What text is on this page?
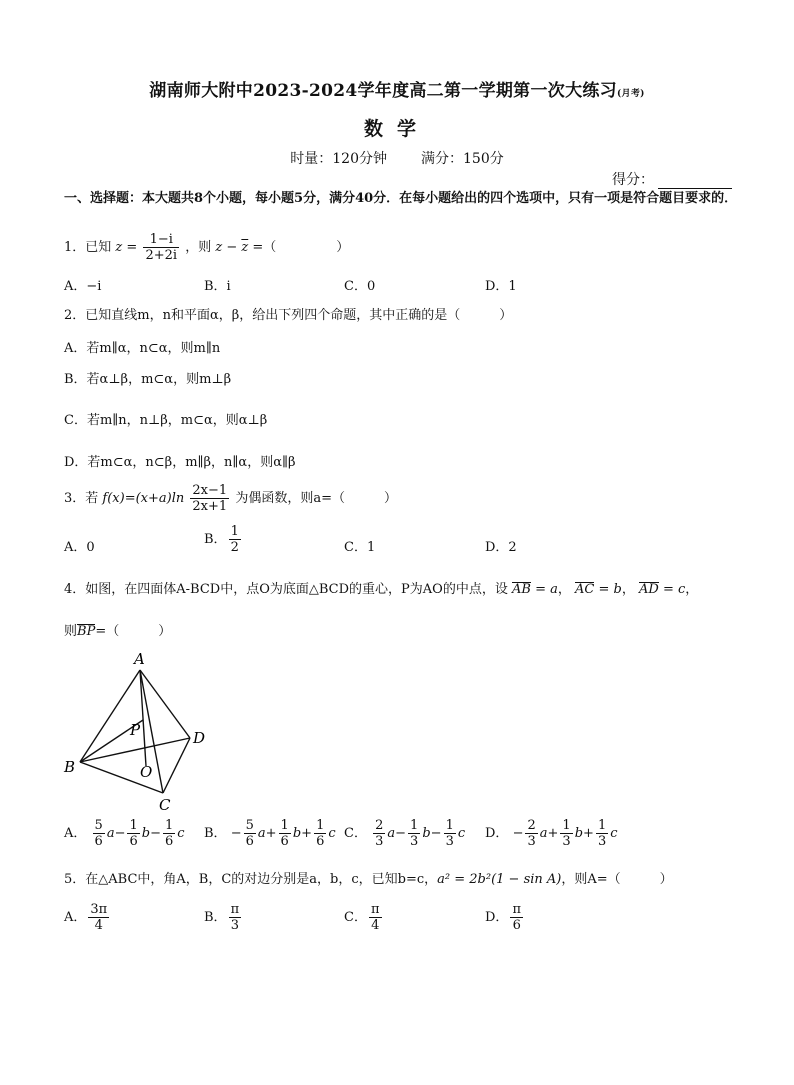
湖南师大附中2023-2024学年度高二第一学期第一次大练习(月考)
数学
时量：120分钟 满分：150分
得分：
一、选择题：本大题共8个小题，每小题5分，满分40分．在每小题给出的四个选项中，只有一项是符合题目要求的．
1．已知 $z = \frac{1-i}{2+2i}$ ，则 $z - \overline{z}$ =（	）
A．−i	B．i	C．0	D．1
2．已知直线m，n和平面α，β，给出下列四个命题，其中正确的是（　　　）
A．若m∥α，n⊂α，则m∥n
B．若α⊥β，m⊂α，则m⊥β
C．若m∥n，n⊥β，m⊂α，则α⊥β
D．若m⊂α，n⊂β，m∥β，n∥α，则α∥β
3．若 $f(x)=(x+a)\ln \frac{2x-1}{2x+1}$ 为偶函数，则a=（　　　）
A．0
B． $\frac{1}{2}$	C．1	D．2
4．如图，在四面体A-BCD中，点O为底面△BCD的重心，P为AO的中点，设 AB = a， AC = b， AD = c，
则BP=（　　　）
A
B
C
D
P
O
A． $\frac{5}{6} a- \frac{1}{6} b- \frac{1}{6}$ c B． − $\frac{5}{6} a+ \frac{1}{6} b+ \frac{1}{6}$ c C． $\frac{2}{3} a- \frac{1}{3} b- \frac{1}{3}$ c D． − $\frac{2}{3} a+ \frac{1}{3} b+ \frac{1}{3}$ c
5．在△ABC中，角A，B，C的对边分别是a，b，c，已知b=c，a² = 2b²(1 − sin A)，则A=（　　　）
A． $\frac{3\pi}{4}$	B． $\frac{\pi}{3}$	C． $\frac{\pi}{4}$	D． $\frac{\pi}{6}$
